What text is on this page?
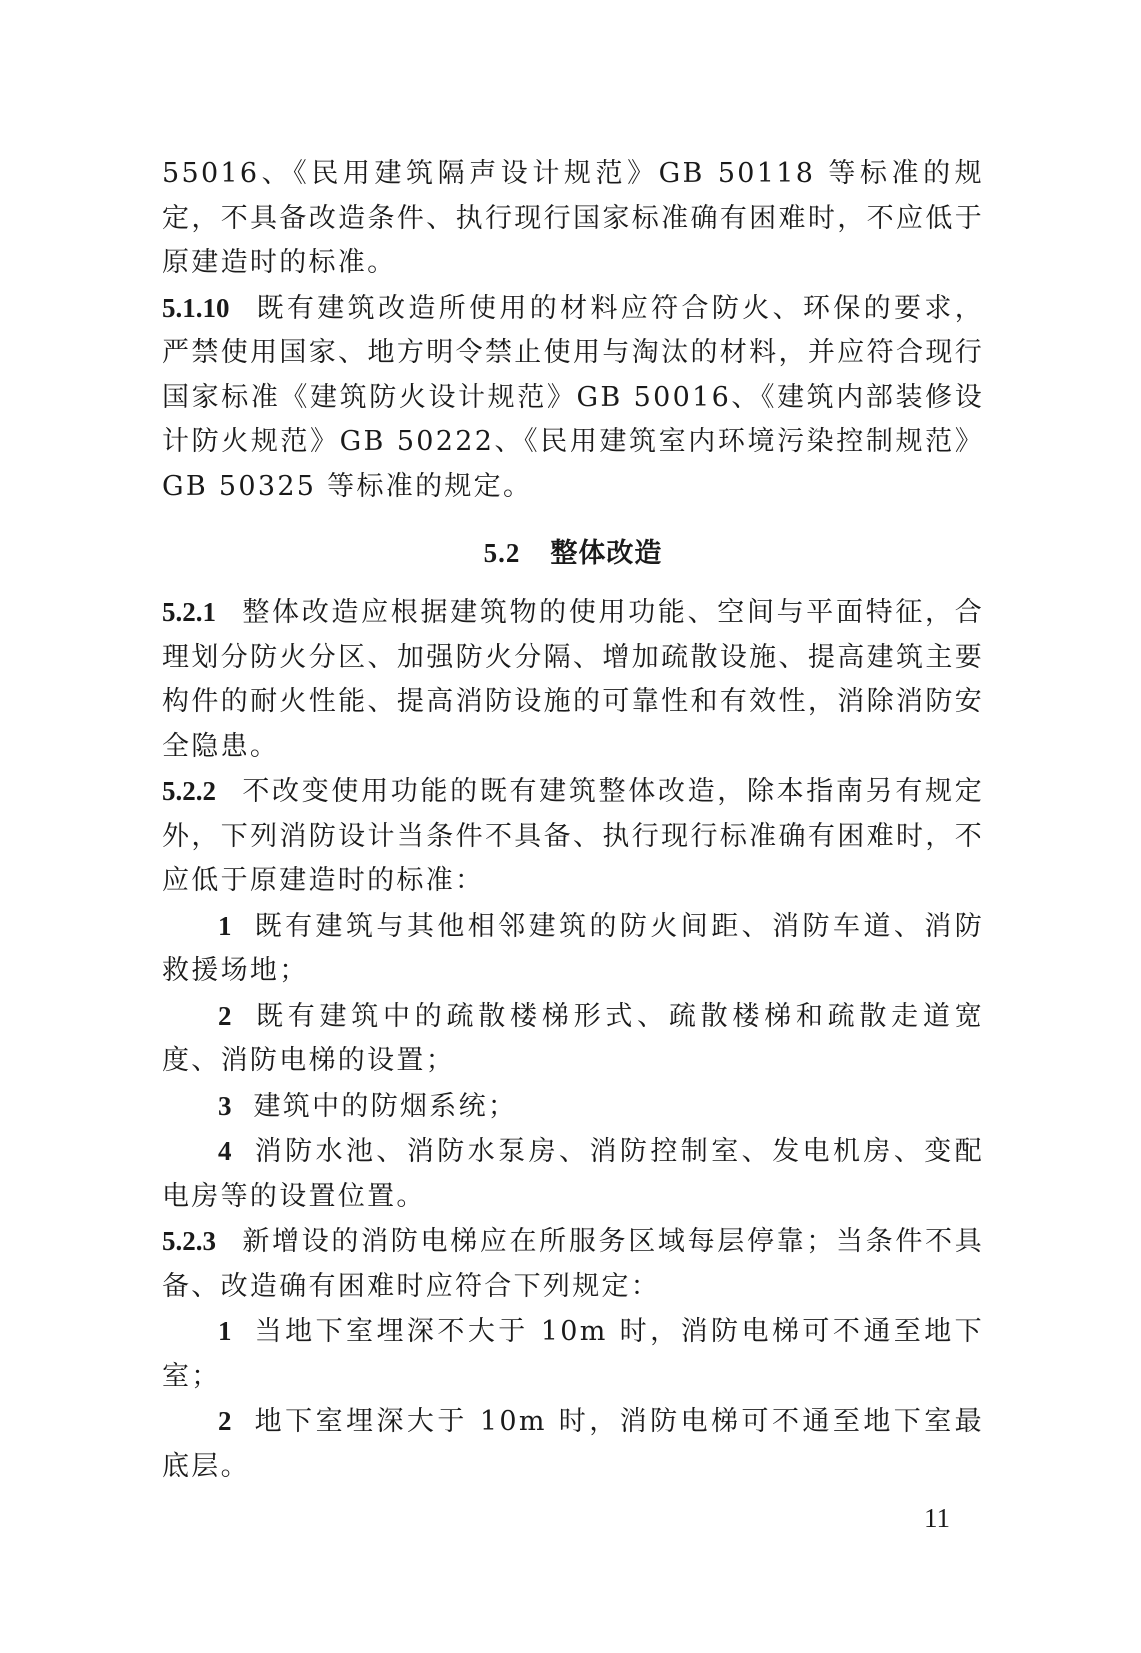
55016、《民用建筑隔声设计规范》GB 50118 等标准的规定，不具备改造条件、执行现行国家标准确有困难时，不应低于原建造时的标准。

5.1.10 既有建筑改造所使用的材料应符合防火、环保的要求，严禁使用国家、地方明令禁止使用与淘汰的材料，并应符合现行国家标准《建筑防火设计规范》GB 50016、《建筑内部装修设计防火规范》GB 50222、《民用建筑室内环境污染控制规范》GB 50325 等标准的规定。

5.2 整体改造

5.2.1 整体改造应根据建筑物的使用功能、空间与平面特征，合理划分防火分区、加强防火分隔、增加疏散设施、提高建筑主要构件的耐火性能、提高消防设施的可靠性和有效性，消除消防安全隐患。

5.2.2 不改变使用功能的既有建筑整体改造，除本指南另有规定外，下列消防设计当条件不具备、执行现行标准确有困难时，不应低于原建造时的标准：

1 既有建筑与其他相邻建筑的防火间距、消防车道、消防救援场地；

2 既有建筑中的疏散楼梯形式、疏散楼梯和疏散走道宽度、消防电梯的设置；

3 建筑中的防烟系统；

4 消防水池、消防水泵房、消防控制室、发电机房、变配电房等的设置位置。

5.2.3 新增设的消防电梯应在所服务区域每层停靠；当条件不具备、改造确有困难时应符合下列规定：

1 当地下室埋深不大于 10m 时，消防电梯可不通至地下室；

2 地下室埋深大于 10m 时，消防电梯可不通至地下室最底层。

11
